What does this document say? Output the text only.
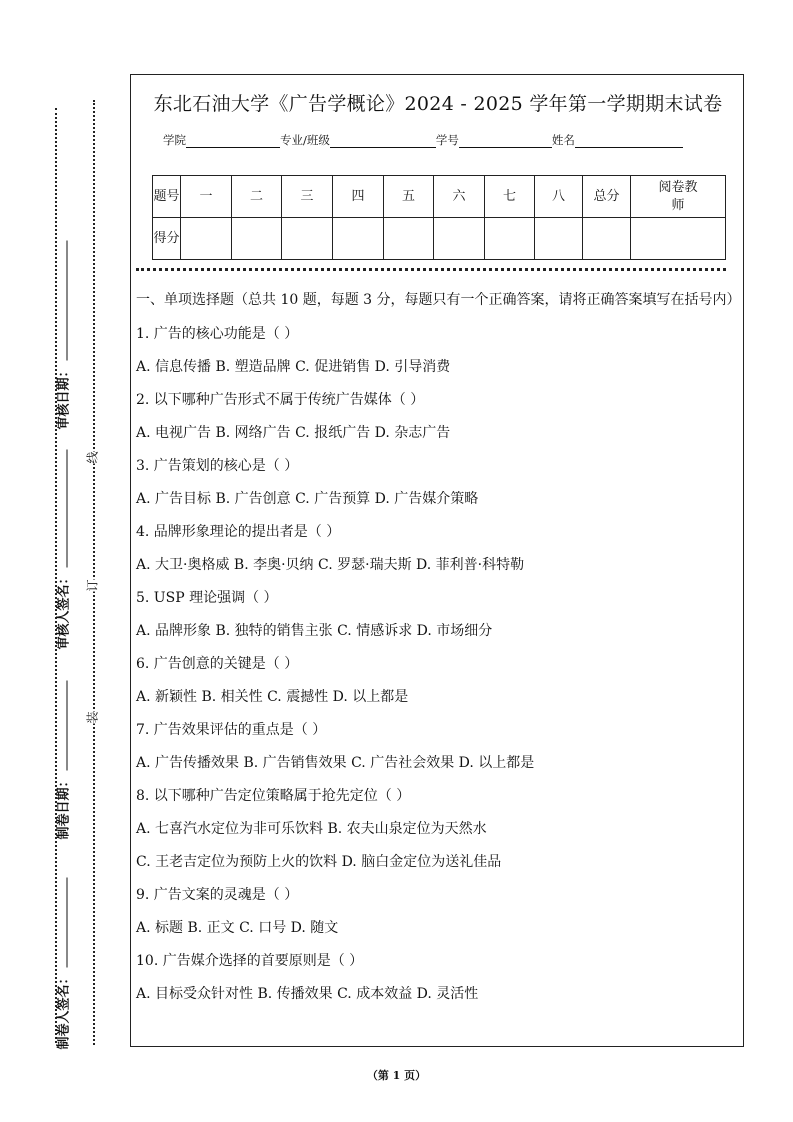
审核日期：
审核人签名：
制卷日期：
制卷人签名：
线
订
装
东北石油大学《广告学概论》2024 - 2025 学年第一学期期末试卷
学院	专业/班级	学号	姓名
题号	一	二	三	四	五	六	七	八	总分	阅卷教师
得分										
一、单项选择题（总共 10 题，每题 3 分，每题只有一个正确答案，请将正确答案填写在括号内）
1. 广告的核心功能是（ ）
A. 信息传播 B. 塑造品牌 C. 促进销售 D. 引导消费
2. 以下哪种广告形式不属于传统广告媒体（ ）
A. 电视广告 B. 网络广告 C. 报纸广告 D. 杂志广告
3. 广告策划的核心是（ ）
A. 广告目标 B. 广告创意 C. 广告预算 D. 广告媒介策略
4. 品牌形象理论的提出者是（ ）
A. 大卫·奥格威 B. 李奥·贝纳 C. 罗瑟·瑞夫斯 D. 菲利普·科特勒
5. USP 理论强调（ ）
A. 品牌形象 B. 独特的销售主张 C. 情感诉求 D. 市场细分
6. 广告创意的关键是（ ）
A. 新颖性 B. 相关性 C. 震撼性 D. 以上都是
7. 广告效果评估的重点是（ ）
A. 广告传播效果 B. 广告销售效果 C. 广告社会效果 D. 以上都是
8. 以下哪种广告定位策略属于抢先定位（ ）
A. 七喜汽水定位为非可乐饮料 B. 农夫山泉定位为天然水
C. 王老吉定位为预防上火的饮料 D. 脑白金定位为送礼佳品
9. 广告文案的灵魂是（ ）
A. 标题 B. 正文 C. 口号 D. 随文
10. 广告媒介选择的首要原则是（ ）
A. 目标受众针对性 B. 传播效果 C. 成本效益 D. 灵活性
（第 1 页）
